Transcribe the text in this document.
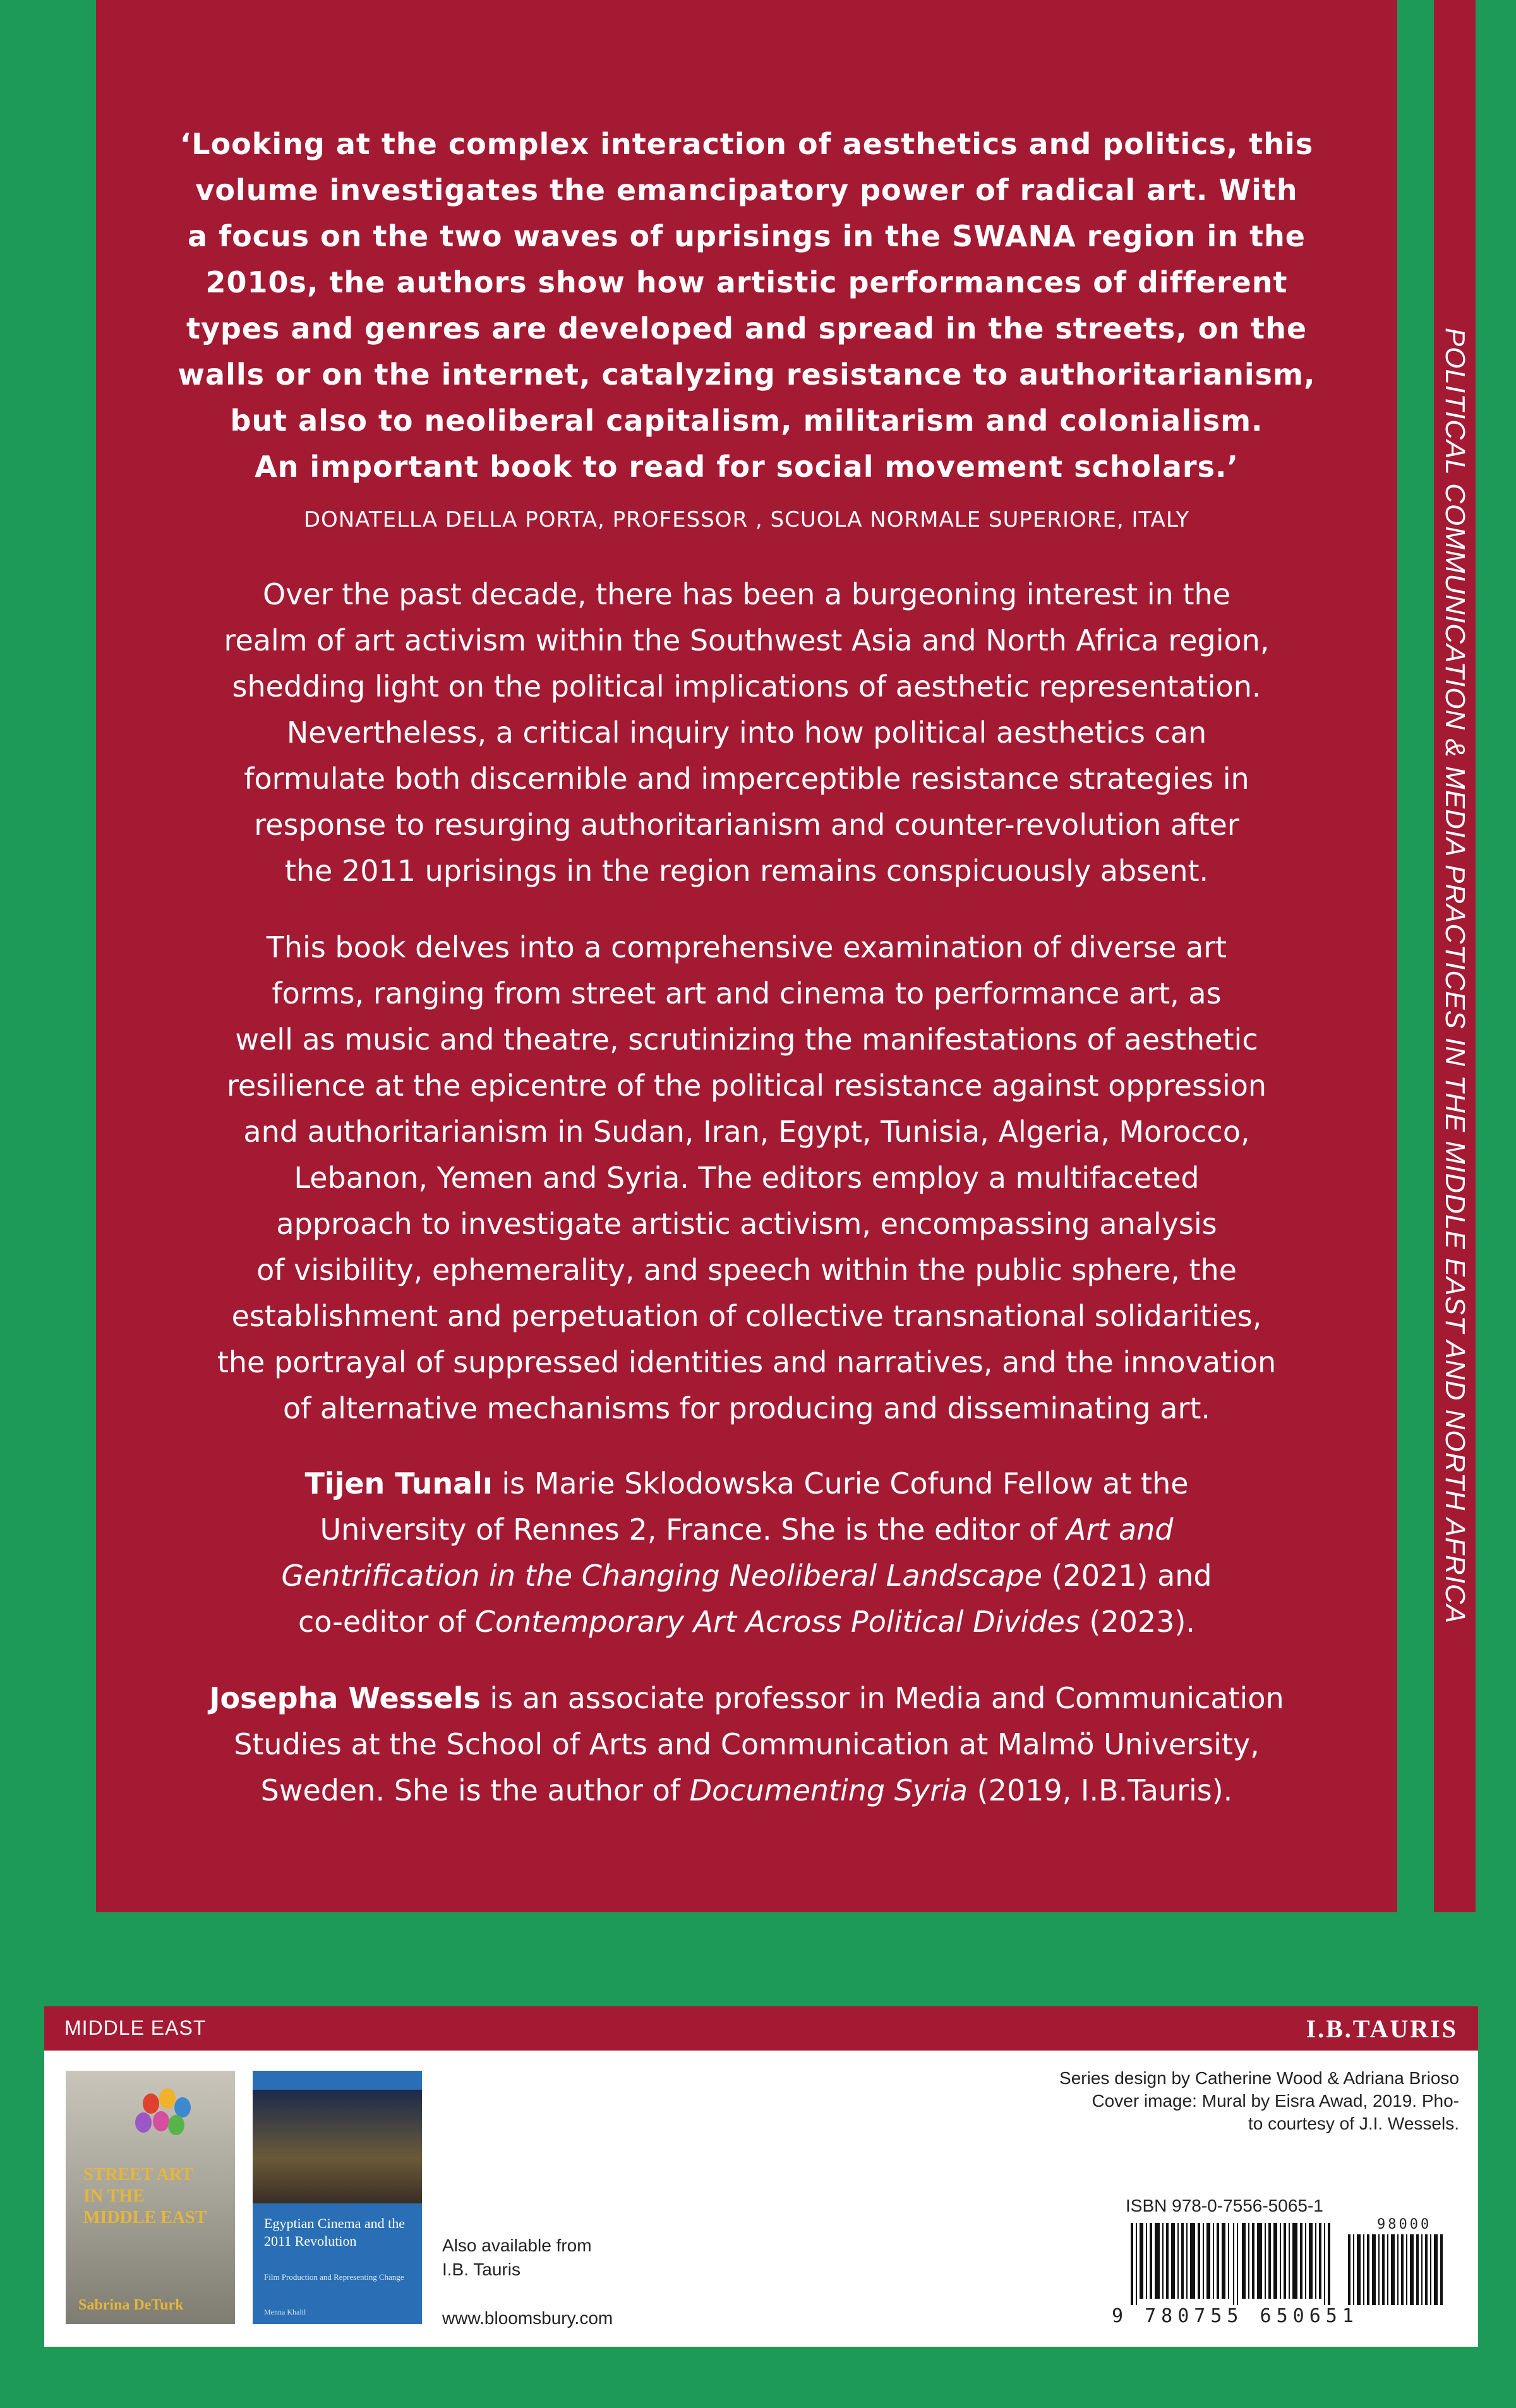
POLITICAL COMMUNICATION & MEDIA PRACTICES IN THE MIDDLE EAST AND NORTH AFRICA
‘Looking at the complex interaction of aesthetics and politics, this
volume investigates the emancipatory power of radical art. With
a focus on the two waves of uprisings in the SWANA region in the
2010s, the authors show how artistic performances of different
types and genres are developed and spread in the streets, on the
walls or on the internet, catalyzing resistance to authoritarianism,
but also to neoliberal capitalism, militarism and colonialism.
An important book to read for social movement scholars.’
DONATELLA DELLA PORTA, PROFESSOR , SCUOLA NORMALE SUPERIORE, ITALY
Over the past decade, there has been a burgeoning interest in the
realm of art activism within the Southwest Asia and North Africa region,
shedding light on the political implications of aesthetic representation.
Nevertheless, a critical inquiry into how political aesthetics can
formulate both discernible and imperceptible resistance strategies in
response to resurging authoritarianism and counter-revolution after
the 2011 uprisings in the region remains conspicuously absent.
This book delves into a comprehensive examination of diverse art
forms, ranging from street art and cinema to performance art, as
well as music and theatre, scrutinizing the manifestations of aesthetic
resilience at the epicentre of the political resistance against oppression
and authoritarianism in Sudan, Iran, Egypt, Tunisia, Algeria, Morocco,
Lebanon, Yemen and Syria. The editors employ a multifaceted
approach to investigate artistic activism, encompassing analysis
of visibility, ephemerality, and speech within the public sphere, the
establishment and perpetuation of collective transnational solidarities,
the portrayal of suppressed identities and narratives, and the innovation
of alternative mechanisms for producing and disseminating art.
Tijen Tunalı is Marie Sklodowska Curie Cofund Fellow at the
University of Rennes 2, France. She is the editor of Art and
Gentrification in the Changing Neoliberal Landscape (2021) and
co-editor of Contemporary Art Across Political Divides (2023).
Josepha Wessels is an associate professor in Media and Communication
Studies at the School of Arts and Communication at Malmö University,
Sweden. She is the author of Documenting Syria (2019, I.B.Tauris).
MIDDLE EAST	I.B.TAURIS
STREET ART IN THE MIDDLE EAST
Sabrina DeTurk
Egyptian Cinema and the 2011 Revolution
Film Production and Representing Change
Menna Khalil
Also available from
I.B. Tauris
www.bloomsbury.com
Series design by Catherine Wood & Adriana Brioso
Cover image: Mural by Eisra Awad, 2019. Pho-
to courtesy of J.I. Wessels.
ISBN 978-0-7556-5065-1
98000
9 780755 650651
